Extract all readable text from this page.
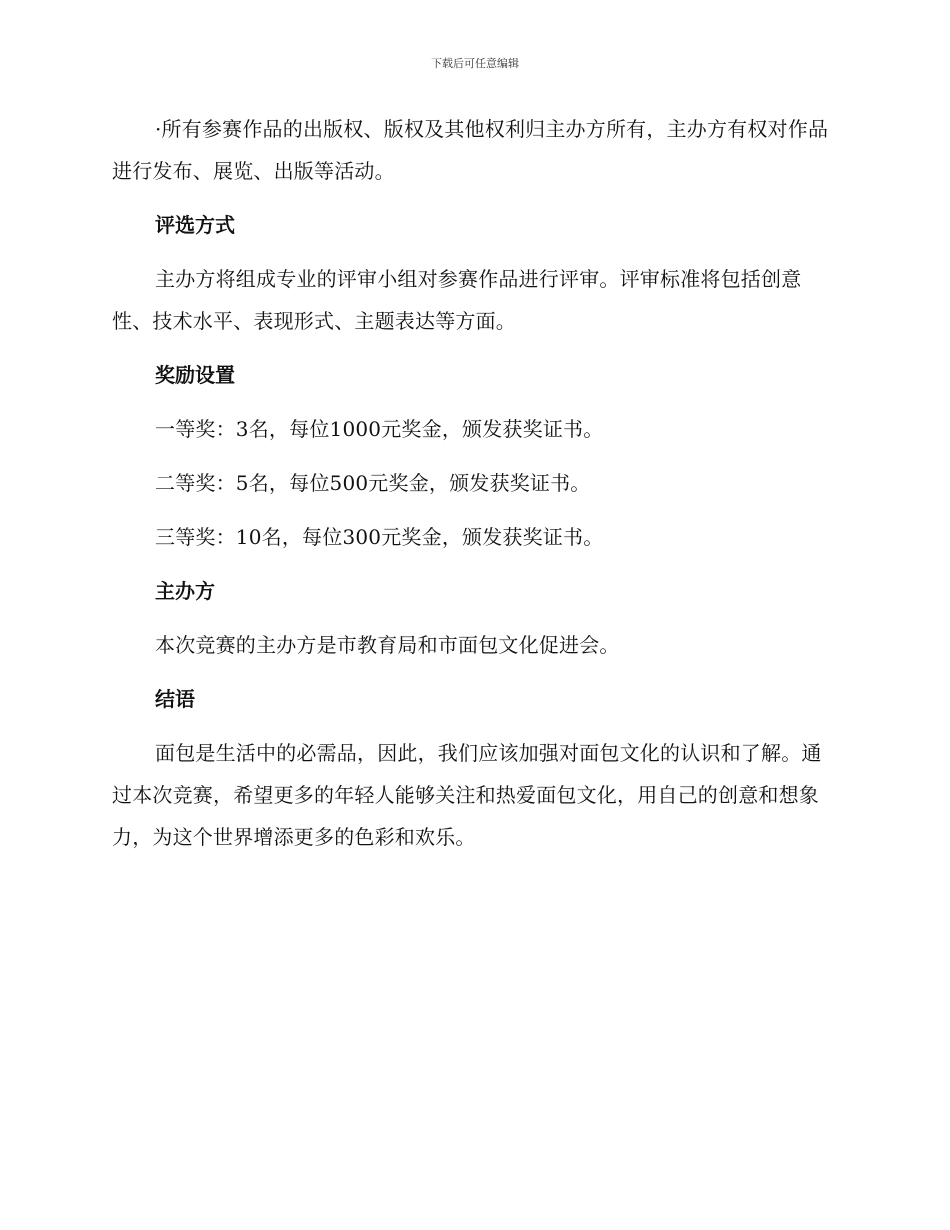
下载后可任意编辑

·所有参赛作品的出版权、版权及其他权利归主办方所有，主办方有权对作品进行发布、展览、出版等活动。

评选方式

主办方将组成专业的评审小组对参赛作品进行评审。评审标准将包括创意性、技术水平、表现形式、主题表达等方面。

奖励设置

一等奖：3名，每位1000元奖金，颁发获奖证书。

二等奖：5名，每位500元奖金，颁发获奖证书。

三等奖：10名，每位300元奖金，颁发获奖证书。

主办方

本次竞赛的主办方是市教育局和市面包文化促进会。

结语

面包是生活中的必需品，因此，我们应该加强对面包文化的认识和了解。通过本次竞赛，希望更多的年轻人能够关注和热爱面包文化，用自己的创意和想象力，为这个世界增添更多的色彩和欢乐。
